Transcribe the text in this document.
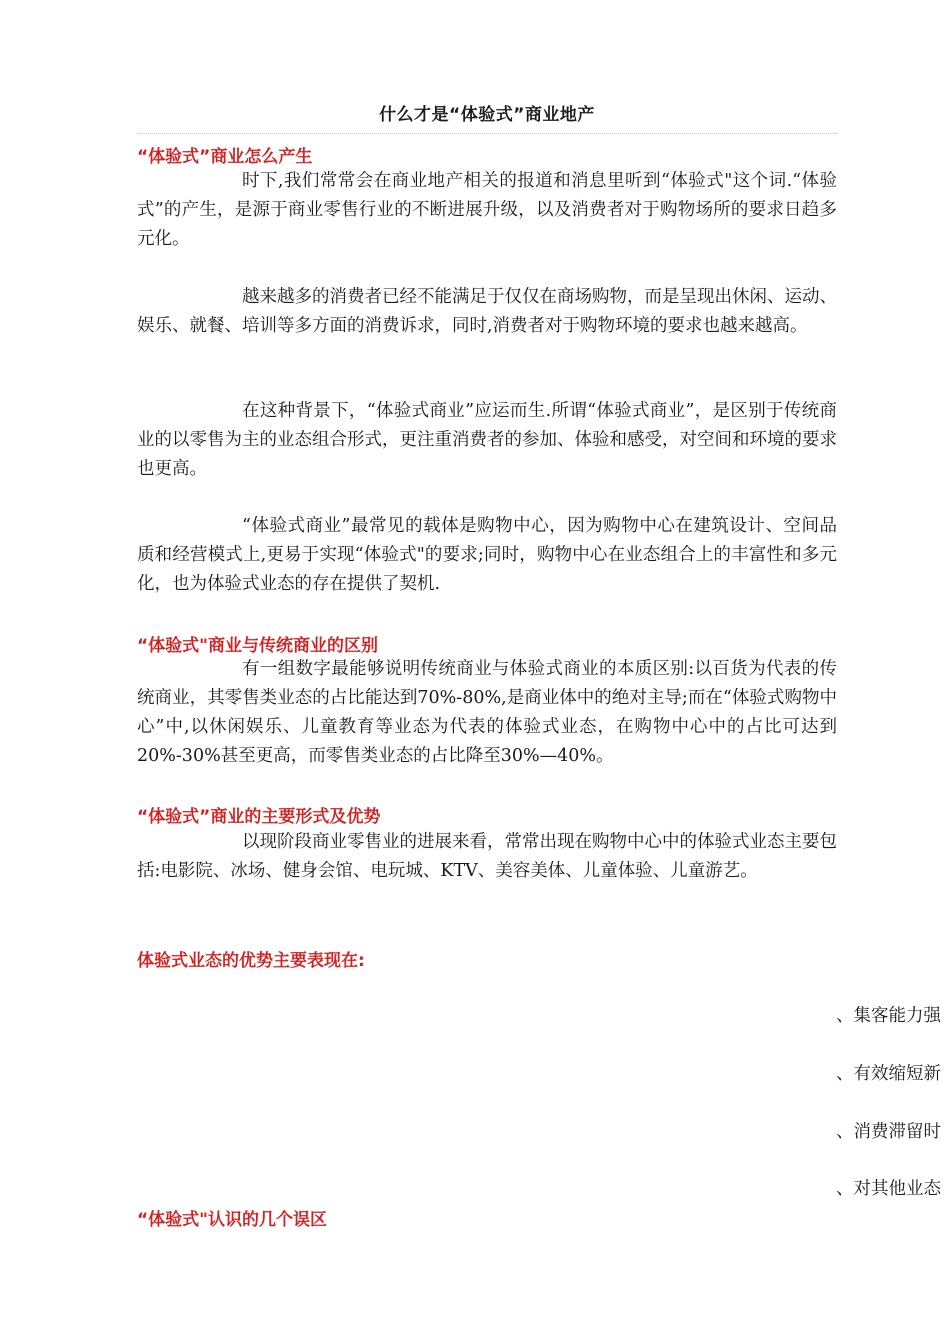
什么才是“体验式”商业地产
“体验式”商业怎么产生

时下,我们常常会在商业地产相关的报道和消息里听到“体验式"这个词.“体验式”的产生，是源于商业零售行业的不断进展升级，以及消费者对于购物场所的要求日趋多元化。

越来越多的消费者已经不能满足于仅仅在商场购物，而是呈现出休闲、运动、娱乐、就餐、培训等多方面的消费诉求，同时,消费者对于购物环境的要求也越来越高。

在这种背景下，“体验式商业”应运而生.所谓“体验式商业”，是区别于传统商业的以零售为主的业态组合形式，更注重消费者的参加、体验和感受，对空间和环境的要求也更高。

“体验式商业”最常见的载体是购物中心，因为购物中心在建筑设计、空间品质和经营模式上,更易于实现“体验式"的要求;同时，购物中心在业态组合上的丰富性和多元化，也为体验式业态的存在提供了契机.

“体验式"商业与传统商业的区别

有一组数字最能够说明传统商业与体验式商业的本质区别:以百货为代表的传统商业，其零售类业态的占比能达到70%-80%,是商业体中的绝对主导;而在“体验式购物中心”中,以休闲娱乐、儿童教育等业态为代表的体验式业态，在购物中心中的占比可达到20%-30%甚至更高，而零售类业态的占比降至30%—40%。

“体验式”商业的主要形式及优势

以现阶段商业零售业的进展来看，常常出现在购物中心中的体验式业态主要包括:电影院、冰场、健身会馆、电玩城、KTV、美容美体、儿童体验、儿童游艺。

体验式业态的优势主要表现在:
、集客能力强
、有效缩短新
、消费滞留时
、对其他业态
“体验式"认识的几个误区
